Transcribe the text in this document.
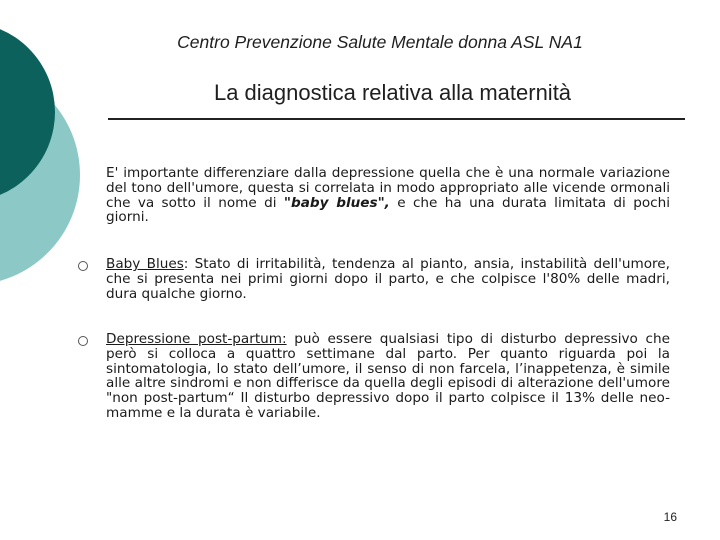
Centro Prevenzione Salute Mentale donna ASL NA1
La diagnostica relativa alla maternità
E' importante differenziare dalla depressione quella che è una normale variazione del tono dell'umore, questa si correlata in modo appropriato alle vicende ormonali che va sotto il nome di "baby blues", e che ha una durata limitata di pochi giorni.
Baby Blues: Stato di irritabilità, tendenza al pianto, ansia, instabilità dell'umore, che si presenta nei primi giorni dopo il parto, e che colpisce l'80% delle madri, dura qualche giorno.
Depressione post-partum: può essere qualsiasi tipo di disturbo depressivo che però si colloca a quattro settimane dal parto. Per quanto riguarda poi la sintomatologia, lo stato dell’umore, il senso di non farcela, l’inappetenza, è simile alle altre sindromi e non differisce da quella degli episodi di alterazione dell'umore "non post-partum“ Il disturbo depressivo dopo il parto colpisce il 13% delle neo-mamme e la durata è variabile.
16
